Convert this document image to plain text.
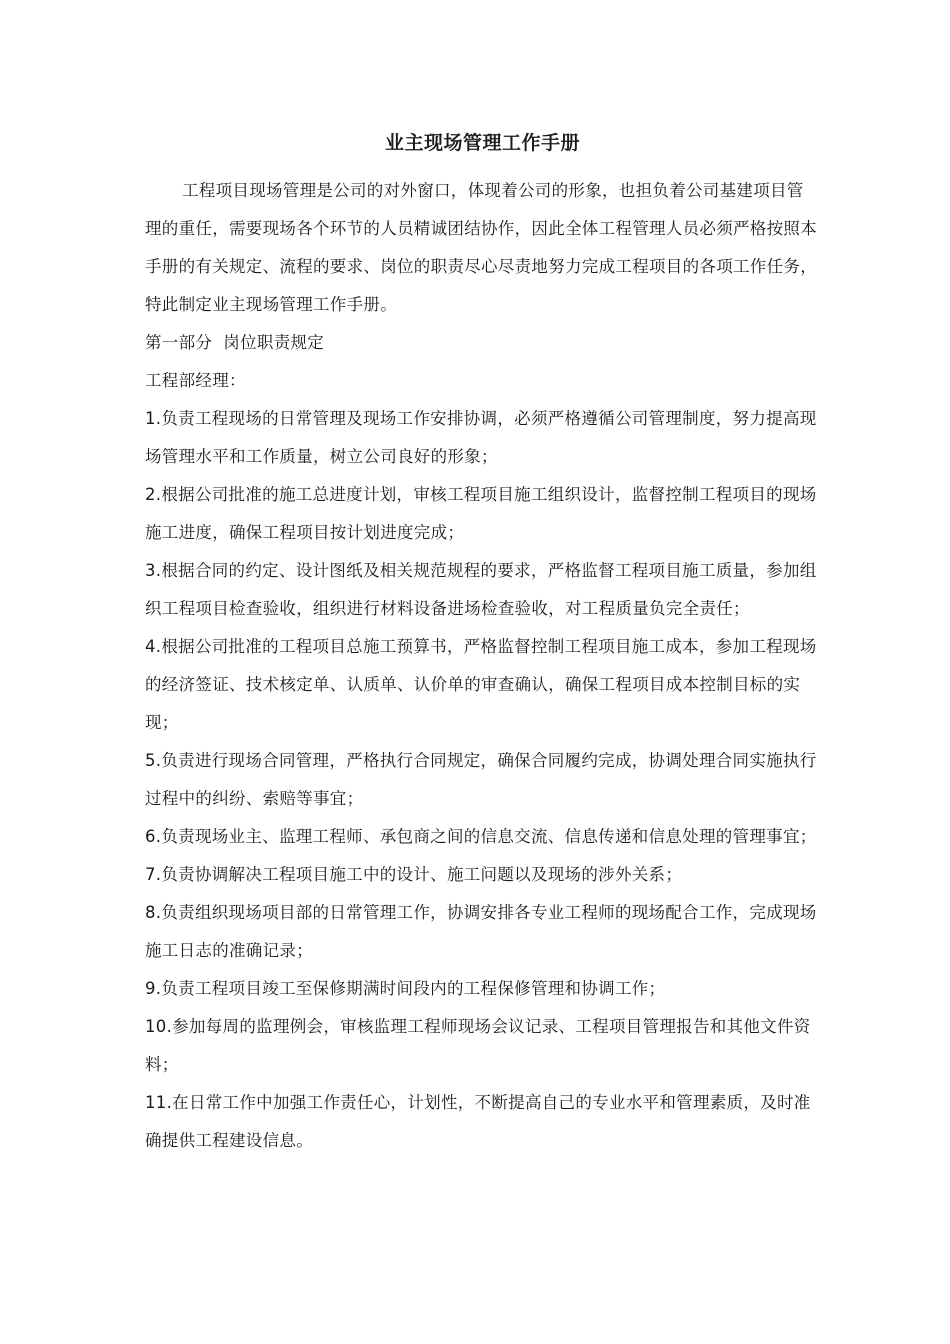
业主现场管理工作手册

工程项目现场管理是公司的对外窗口，体现着公司的形象，也担负着公司基建项目管理的重任，需要现场各个环节的人员精诚团结协作，因此全体工程管理人员必须严格按照本手册的有关规定、流程的要求、岗位的职责尽心尽责地努力完成工程项目的各项工作任务，特此制定业主现场管理工作手册。

第一部分  岗位职责规定

工程部经理：

1.负责工程现场的日常管理及现场工作安排协调，必须严格遵循公司管理制度，努力提高现场管理水平和工作质量，树立公司良好的形象；

2.根据公司批准的施工总进度计划，审核工程项目施工组织设计，监督控制工程项目的现场施工进度，确保工程项目按计划进度完成；

3.根据合同的约定、设计图纸及相关规范规程的要求，严格监督工程项目施工质量，参加组织工程项目检查验收，组织进行材料设备进场检查验收，对工程质量负完全责任；

4.根据公司批准的工程项目总施工预算书，严格监督控制工程项目施工成本，参加工程现场的经济签证、技术核定单、认质单、认价单的审查确认，确保工程项目成本控制目标的实现；

5.负责进行现场合同管理，严格执行合同规定，确保合同履约完成，协调处理合同实施执行过程中的纠纷、索赔等事宜；

6.负责现场业主、监理工程师、承包商之间的信息交流、信息传递和信息处理的管理事宜；

7.负责协调解决工程项目施工中的设计、施工问题以及现场的涉外关系；

8.负责组织现场项目部的日常管理工作，协调安排各专业工程师的现场配合工作，完成现场施工日志的准确记录；

9.负责工程项目竣工至保修期满时间段内的工程保修管理和协调工作；

10.参加每周的监理例会，审核监理工程师现场会议记录、工程项目管理报告和其他文件资料；

11.在日常工作中加强工作责任心，计划性，不断提高自己的专业水平和管理素质，及时准确提供工程建设信息。
